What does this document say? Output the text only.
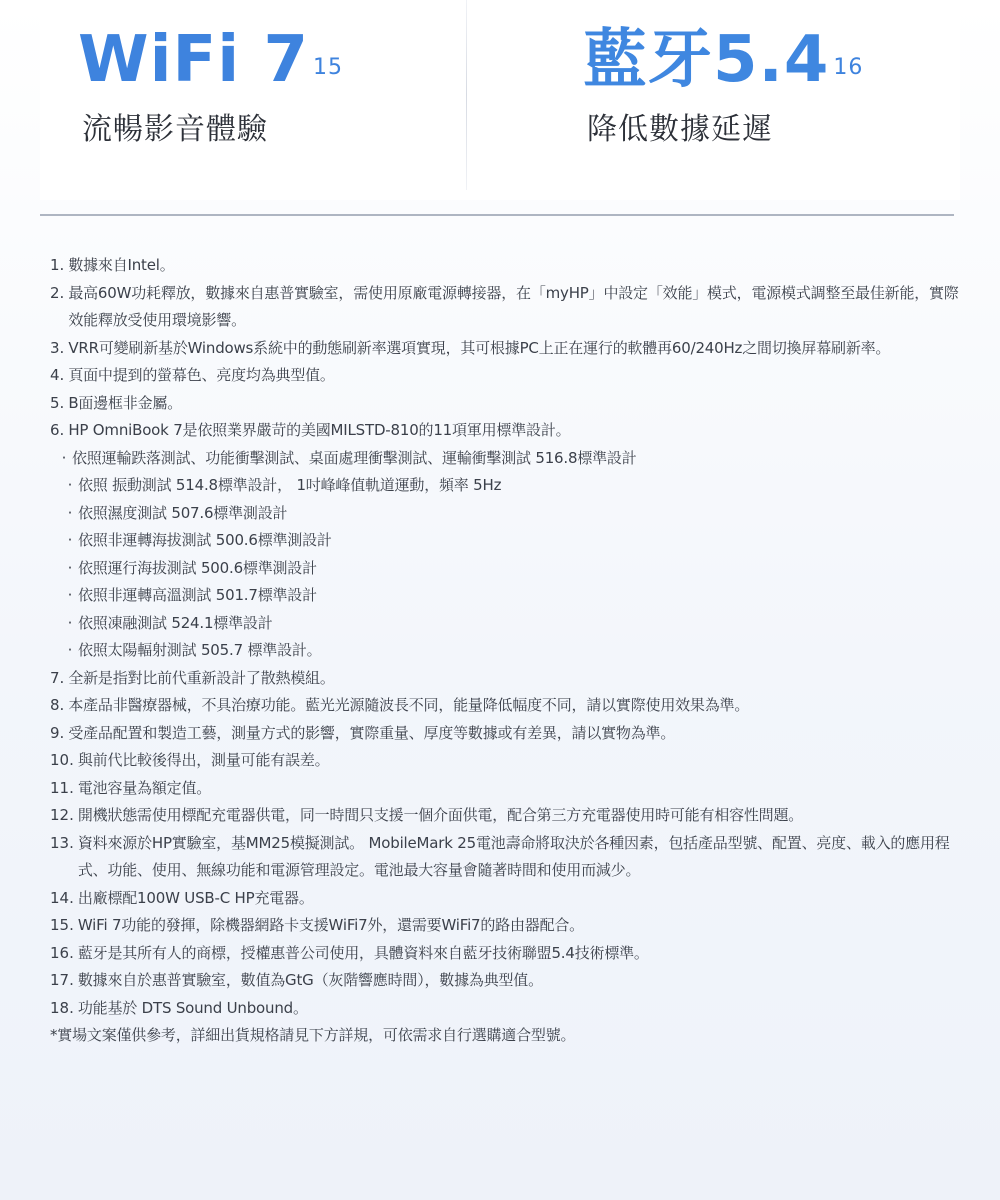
WiFi 7 $^{15}$
流暢影音體驗
藍牙5.4 $^{16}$
降低數據延遲
1. 數據來自Intel。
2. 最高60W功耗釋放，數據來自惠普實驗室，需使用原廠電源轉接器，在「myHP」中設定「效能」模式，電源模式調整至最佳新能，實際效能釋放受使用環境影響。
3. VRR可變刷新基於Windows系統中的動態刷新率選項實現，其可根據PC上正在運行的軟體再60/240Hz之間切換屏幕刷新率。
4. 頁面中提到的螢幕色、亮度均為典型值。
5. B面邊框非金屬。
6. HP OmniBook 7是依照業界嚴苛的美國MILSTD-810的11項軍用標準設計。
· 依照運輸跌落測試、功能衝擊測試、桌面處理衝擊測試、運輸衝擊測試 516.8標準設計
· 依照 振動測試 514.8標準設計， 1吋峰峰值軌道運動，頻率 5Hz
· 依照濕度測試 507.6標準測設計
· 依照非運轉海拔測試 500.6標準測設計
· 依照運行海拔測試 500.6標準測設計
· 依照非運轉高溫測試 501.7標準設計
· 依照凍融測試 524.1標準設計
· 依照太陽輻射測試 505.7 標準設計。
7. 全新是指對比前代重新設計了散熱模組。
8. 本產品非醫療器械，不具治療功能。藍光光源隨波長不同，能量降低幅度不同，請以實際使用效果為準。
9. 受產品配置和製造工藝，測量方式的影響，實際重量、厚度等數據或有差異，請以實物為準。
10. 與前代比較後得出，測量可能有誤差。
11. 電池容量為額定值。
12. 開機狀態需使用標配充電器供電，同一時間只支援一個介面供電，配合第三方充電器使用時可能有相容性問題。
13. 資料來源於HP實驗室，基MM25模擬測試。 MobileMark 25電池壽命將取決於各種因素，包括產品型號、配置、亮度、載入的應用程式、功能、使用、無線功能和電源管理設定。電池最大容量會隨著時間和使用而減少。
14. 出廠標配100W USB-C HP充電器。
15. WiFi 7功能的發揮，除機器網路卡支援WiFi7外，還需要WiFi7的路由器配合。
16. 藍牙是其所有人的商標，授權惠普公司使用，具體資料來自藍牙技術聯盟5.4技術標準。
17. 數據來自於惠普實驗室，數值為GtG（灰階響應時間），數據為典型值。
18. 功能基於 DTS Sound Unbound。
*實場文案僅供參考，詳細出貨規格請見下方詳規，可依需求自行選購適合型號。
